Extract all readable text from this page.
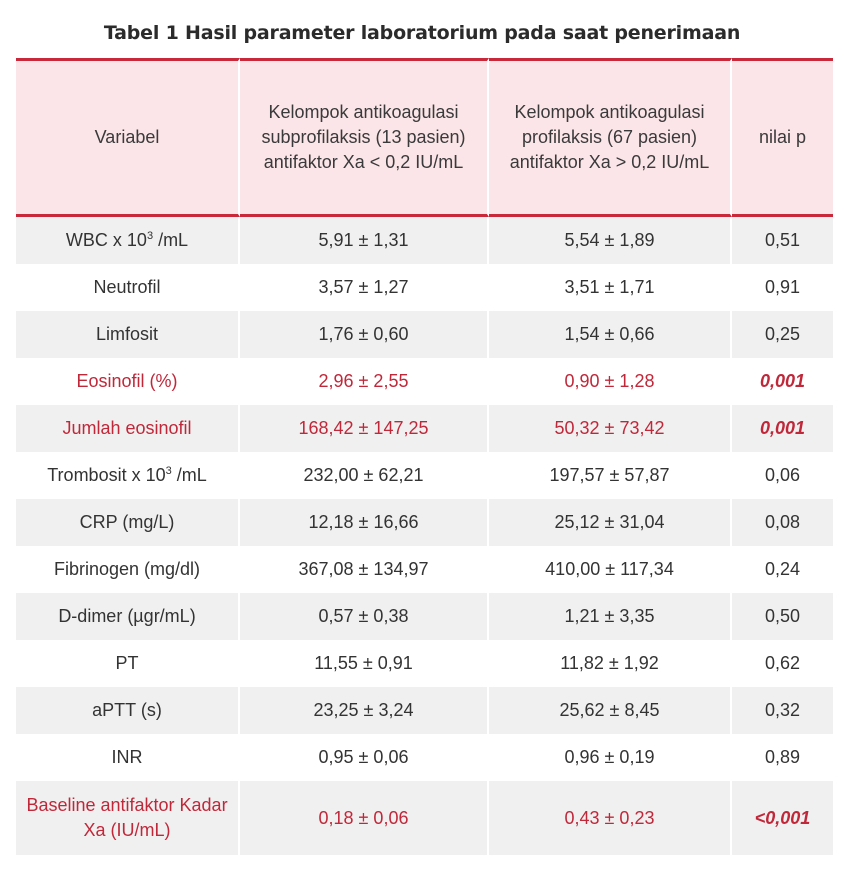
Tabel 1 Hasil parameter laboratorium pada saat penerimaan
Variabel	Kelompok antikoagulasi subprofilaksis (13 pasien) antifaktor Xa < 0,2 IU/mL	Kelompok antikoagulasi profilaksis (67 pasien) antifaktor Xa > 0,2 IU/mL	nilai p
WBC x $10^3$ /mL	5,91 ± 1,31	5,54 ± 1,89	0,51
Neutrofil	3,57 ± 1,27	3,51 ± 1,71	0,91
Limfosit	1,76 ± 0,60	1,54 ± 0,66	0,25
Eosinofil (%)	2,96 ± 2,55	0,90 ± 1,28	0,001
Jumlah eosinofil	168,42 ± 147,25	50,32 ± 73,42	0,001
Trombosit x $10^3$ /mL	232,00 ± 62,21	197,57 ± 57,87	0,06
CRP (mg/L)	12,18 ± 16,66	25,12 ± 31,04	0,08
Fibrinogen (mg/dl)	367,08 ± 134,97	410,00 ± 117,34	0,24
D-dimer (µgr/mL)	0,57 ± 0,38	1,21 ± 3,35	0,50
PT	11,55 ± 0,91	11,82 ± 1,92	0,62
aPTT (s)	23,25 ± 3,24	25,62 ± 8,45	0,32
INR	0,95 ± 0,06	0,96 ± 0,19	0,89
Baseline antifaktor Kadar Xa (IU/mL)	0,18 ± 0,06	0,43 ± 0,23	<0,001
